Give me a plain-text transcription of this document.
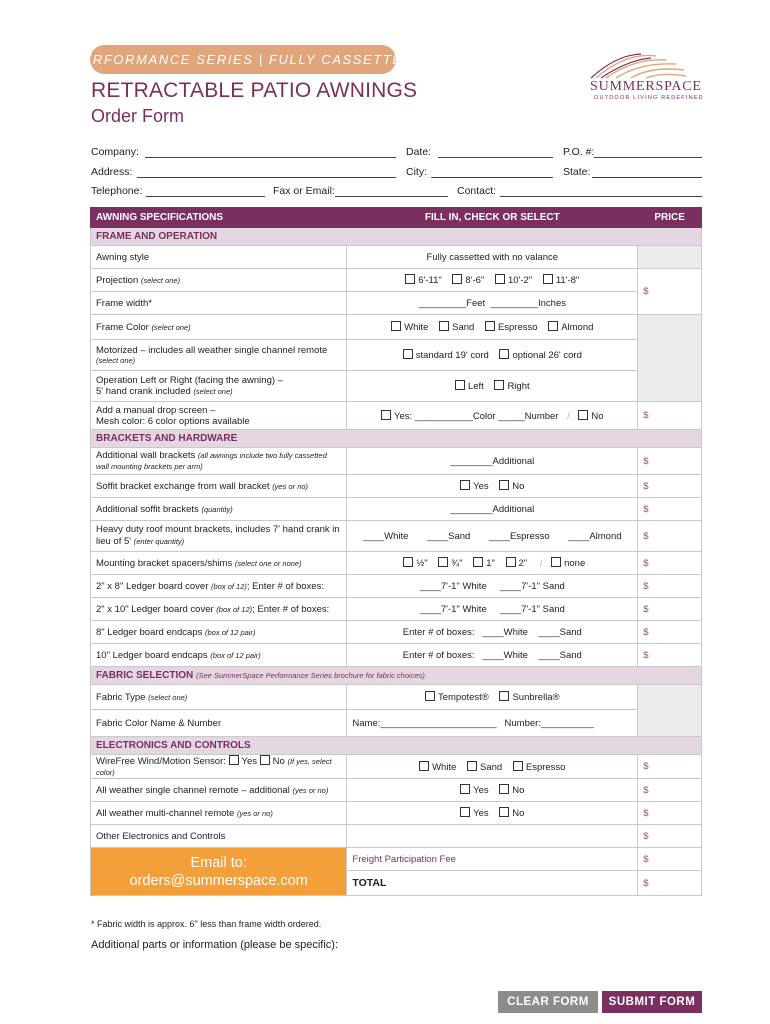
PERFORMANCE SERIES | FULLY CASSETTED
RETRACTABLE PATIO AWNINGS
Order Form
SUMMERSPACE
OUTDOOR LIVING REDEFINED
Company:	Date:	P.O. #:
Address:	City:	State:
Telephone:	Fax or Email:	Contact:
AWNING SPECIFICATIONS	FILL IN, CHECK OR SELECT	PRICE
FRAME AND OPERATION		
Awning style	Fully cassetted with no valance	
Projection (select one)	6'-11" 8'-6" 10'-2" 11'-8"	$
Frame width*	_________Feet _________Inches	
Frame Color (select one)	White Sand Espresso Almond	

Motorized – includes all weather single channel remote
(select one)	standard 19' cord optional 26' cord	

Operation Left or Right (facing the awning) –
5' hand crank included (select one)	Left Right	

Add a manual drop screen –
Mesh color: 6 color options available	Yes: ___________Color _____Number / No	$
BRACKETS AND HARDWARE		
Additional wall brackets (all awnings include two fully cassetted wall mounting brackets per arm)	________Additional	$
Soffit bracket exchange from wall bracket (yes or no)	Yes No	$
Additional soffit brackets (quantity)	________Additional	$
Heavy duty roof mount brackets, includes 7' hand crank in lieu of 5' (enter quantity)	____White ____Sand ____Espresso ____Almond	$
Mounting bracket spacers/shims (select one or none)	½" ¾" 1" 2" / none	$
2" x 8" Ledger board cover (box of 12); Enter # of boxes:	____7'-1" White ____7'-1" Sand	$
2" x 10" Ledger board cover (box of 12); Enter # of boxes:	____7'-1" White ____7'-1" Sand	$
8" Ledger board endcaps (box of 12 pair)	Enter # of boxes: ____White ____Sand	$
10" Ledger board endcaps (box of 12 pair)	Enter # of boxes: ____White ____Sand	$
FABRIC SELECTION (See SummerSpace Performance Series brochure for fabric choices)		
Fabric Type (select one)	Tempotest® Sunbrella®	
Fabric Color Name & Number	Name:______________________ Number:__________	
ELECTRONICS AND CONTROLS		
WireFree Wind/Motion Sensor: Yes No (If yes, select color)	White Sand Espresso	$
All weather single channel remote – additional (yes or no)	Yes No	$
All weather multi-channel remote (yes or no)	Yes No	$
Other Electronics and Controls		$

Email to:
orders@summerspace.com	Freight Participation Fee	$
	TOTAL	$
* Fabric width is approx. 6" less than frame width ordered.
Additional parts or information (please be specific):
CLEAR FORM	SUBMIT FORM
